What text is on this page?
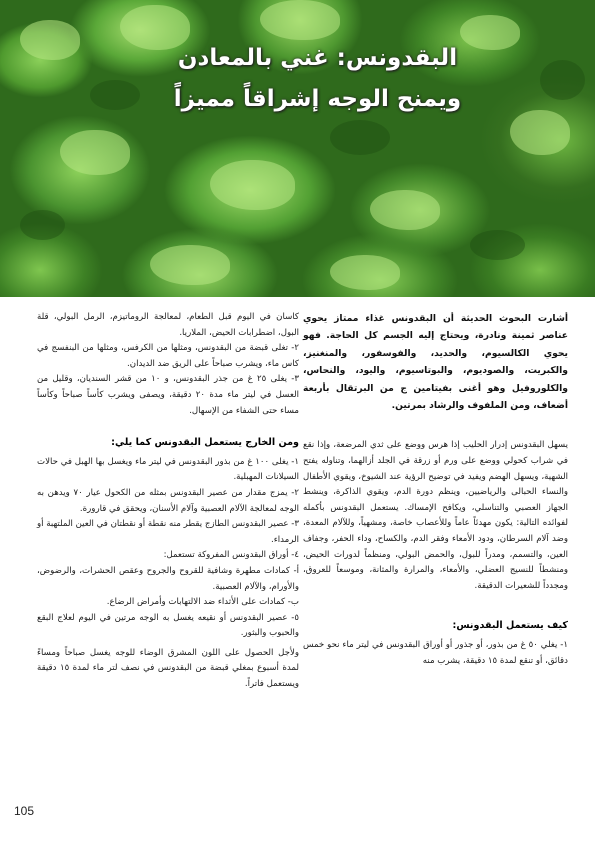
البقدونس: غني بالمعادن
ويمنح الوجه إشراقاً مميزاً

أشارت البحوث الحديثة أن البقدونس غذاء ممتاز يحوي عناصر ثمينة ونادرة، ويحتاج إليه الجسم كل الحاجة. فهو يحوي الكالسيوم، والحديد، والفوسفور، والمنغنيز، والكبريت، والصوديوم، والبوتاسيوم، واليود، والنحاس، والكلوروفيل وهو أغنى بفيتامين ج من البرتقال بأربعة أضعاف، ومن الملفوف والرشاد بمرتين.

يسهل البقدونس إدرار الحليب إذا هرس ووضع على ثدي المرضعة، وإذا نقع في شراب كحولي ووضع على ورم أو زرقة في الجلد أزالهما، وتناوله يفتح الشهية، ويسهل الهضم ويفيد في توضيح الرؤية عند الشيوخ، ويقوي الأطفال والنساء الحبالى والرياضيين، وينظم دورة الدم، ويقوي الذاكرة، وينشط الجهاز العصبي والتناسلي، ويكافح الإمساك. يستعمل البقدونس بأكمله لفوائده التالية: يكون مهدئاً عاماً وللأعصاب خاصة، ومشهياً، وللآلام المعدة، وضد آلام السرطان، ودود الأمعاء وفقر الدم، والكساح، وداء الحفر، وجفاف العين، والتسمم، ومدراً للبول، والحمض البولي، ومنظماً لدورات الحيض، ومنشطاً للنسيج العضلي، والأمعاء، والمرارة والمثانة، وموسعاً للعروق، ومجدداً للشعيرات الدقيقة.

كيف يستعمل البقدونس:

١- يغلي ٥٠ غ من بذور، أو جذور أو أوراق البقدونس في ليتر ماء نحو خمس دقائق، أو تنقع لمدة ١٥ دقيقة، يشرب منه

كاسان في اليوم قبل الطعام، لمعالجة الروماتيزم، الرمل البولي، قلة البول، اضطرابات الحيض، الملاريا.

٢- تغلى قبضة من البقدونس، ومثلها من الكرفس، ومثلها من البنفسج في كاس ماء، ويشرب صباحاً على الريق ضد الديدان.

٣- يغلى ٢٥ غ من جذر البقدونس، و ١٠ من قشر السنديان، وقليل من العسل في ليتر ماء مدة ٢٠ دقيقة، ويصفى ويشرب كأساً صباحاً وكأساً مساء حتى الشفاء من الإسهال.

ومن الخارج يستعمل البقدونس كما يلي:

١- يغلى ١٠٠ غ من بذور البقدونس في ليتر ماء ويغسل بها الهبل في حالات السيلانات المهبلية.

٢- يمزج مقدار من عصير البقدونس بمثله من الكحول عيار ٧٠ ويدهن به الوجه لمعالجة الآلام العصبية وآلام الأسنان، ويحقق في قارورة.

٣- عصير البقدونس الطازج يقطر منه نقطة أو نقطتان في العين الملتهبة أو الرمداء.

٤- أوراق البقدونس المفروكة تستعمل:

أ- كمادات مطهرة وشافية للقروح والجروح وعقص الحشرات، والرضوض، والأورام، والآلام العصبية.

ب- كمادات على الأثداء ضد الالتهابات وأمراض الرضاع.

٥- عصير البقدونس أو نقيعه يغسل به الوجه مرتين في اليوم لعلاج البقع والحبوب والبثور.

ولأجل الحصول على اللون المشرق الوضاء للوجه يغسل صباحاً ومساءً لمدة أسبوع بمغلي قبضة من البقدونس في نصف لتر ماء لمدة ١٥ دقيقة ويستعمل فاتراً.

105
